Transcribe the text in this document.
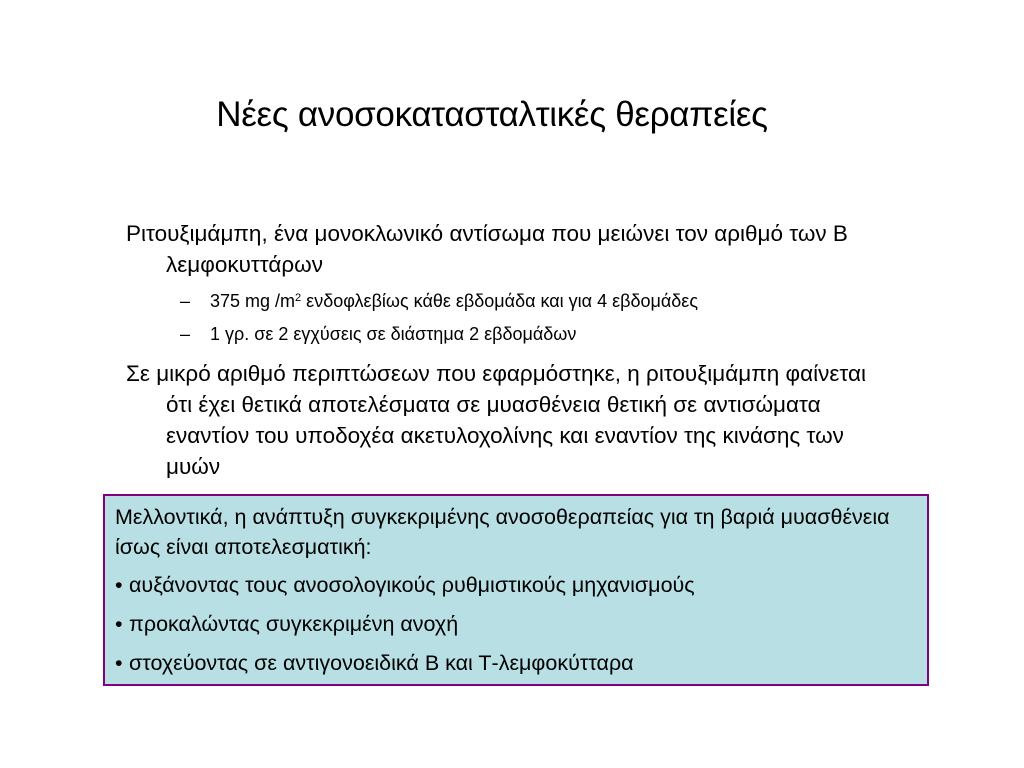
Νέες ανοσοκατασταλτικές θεραπείες

Ριτουξιμάμπη, ένα μονοκλωνικό αντίσωμα που μειώνει τον αριθμό των Β λεμφοκυττάρων

– 375 mg $/m^2$ ενδοφλεβίως κάθε εβδομάδα και για 4 εβδομάδες

– 1 γρ. σε 2 εγχύσεις σε διάστημα 2 εβδομάδων

Σε μικρό αριθμό περιπτώσεων που εφαρμόστηκε, η ριτουξιμάμπη φαίνεται ότι έχει θετικά αποτελέσματα σε μυασθένεια θετική σε αντισώματα εναντίον του υποδοχέα ακετυλοχολίνης και εναντίον της κινάσης των μυών

Μελλοντικά, η ανάπτυξη συγκεκριμένης ανοσοθεραπείας για τη βαριά μυασθένεια ίσως είναι αποτελεσματική:

• αυξάνοντας τους ανοσολογικούς ρυθμιστικούς μηχανισμούς

• προκαλώντας συγκεκριμένη ανοχή

• στοχεύοντας σε αντιγονοειδικά Β και Τ-λεμφοκύτταρα
